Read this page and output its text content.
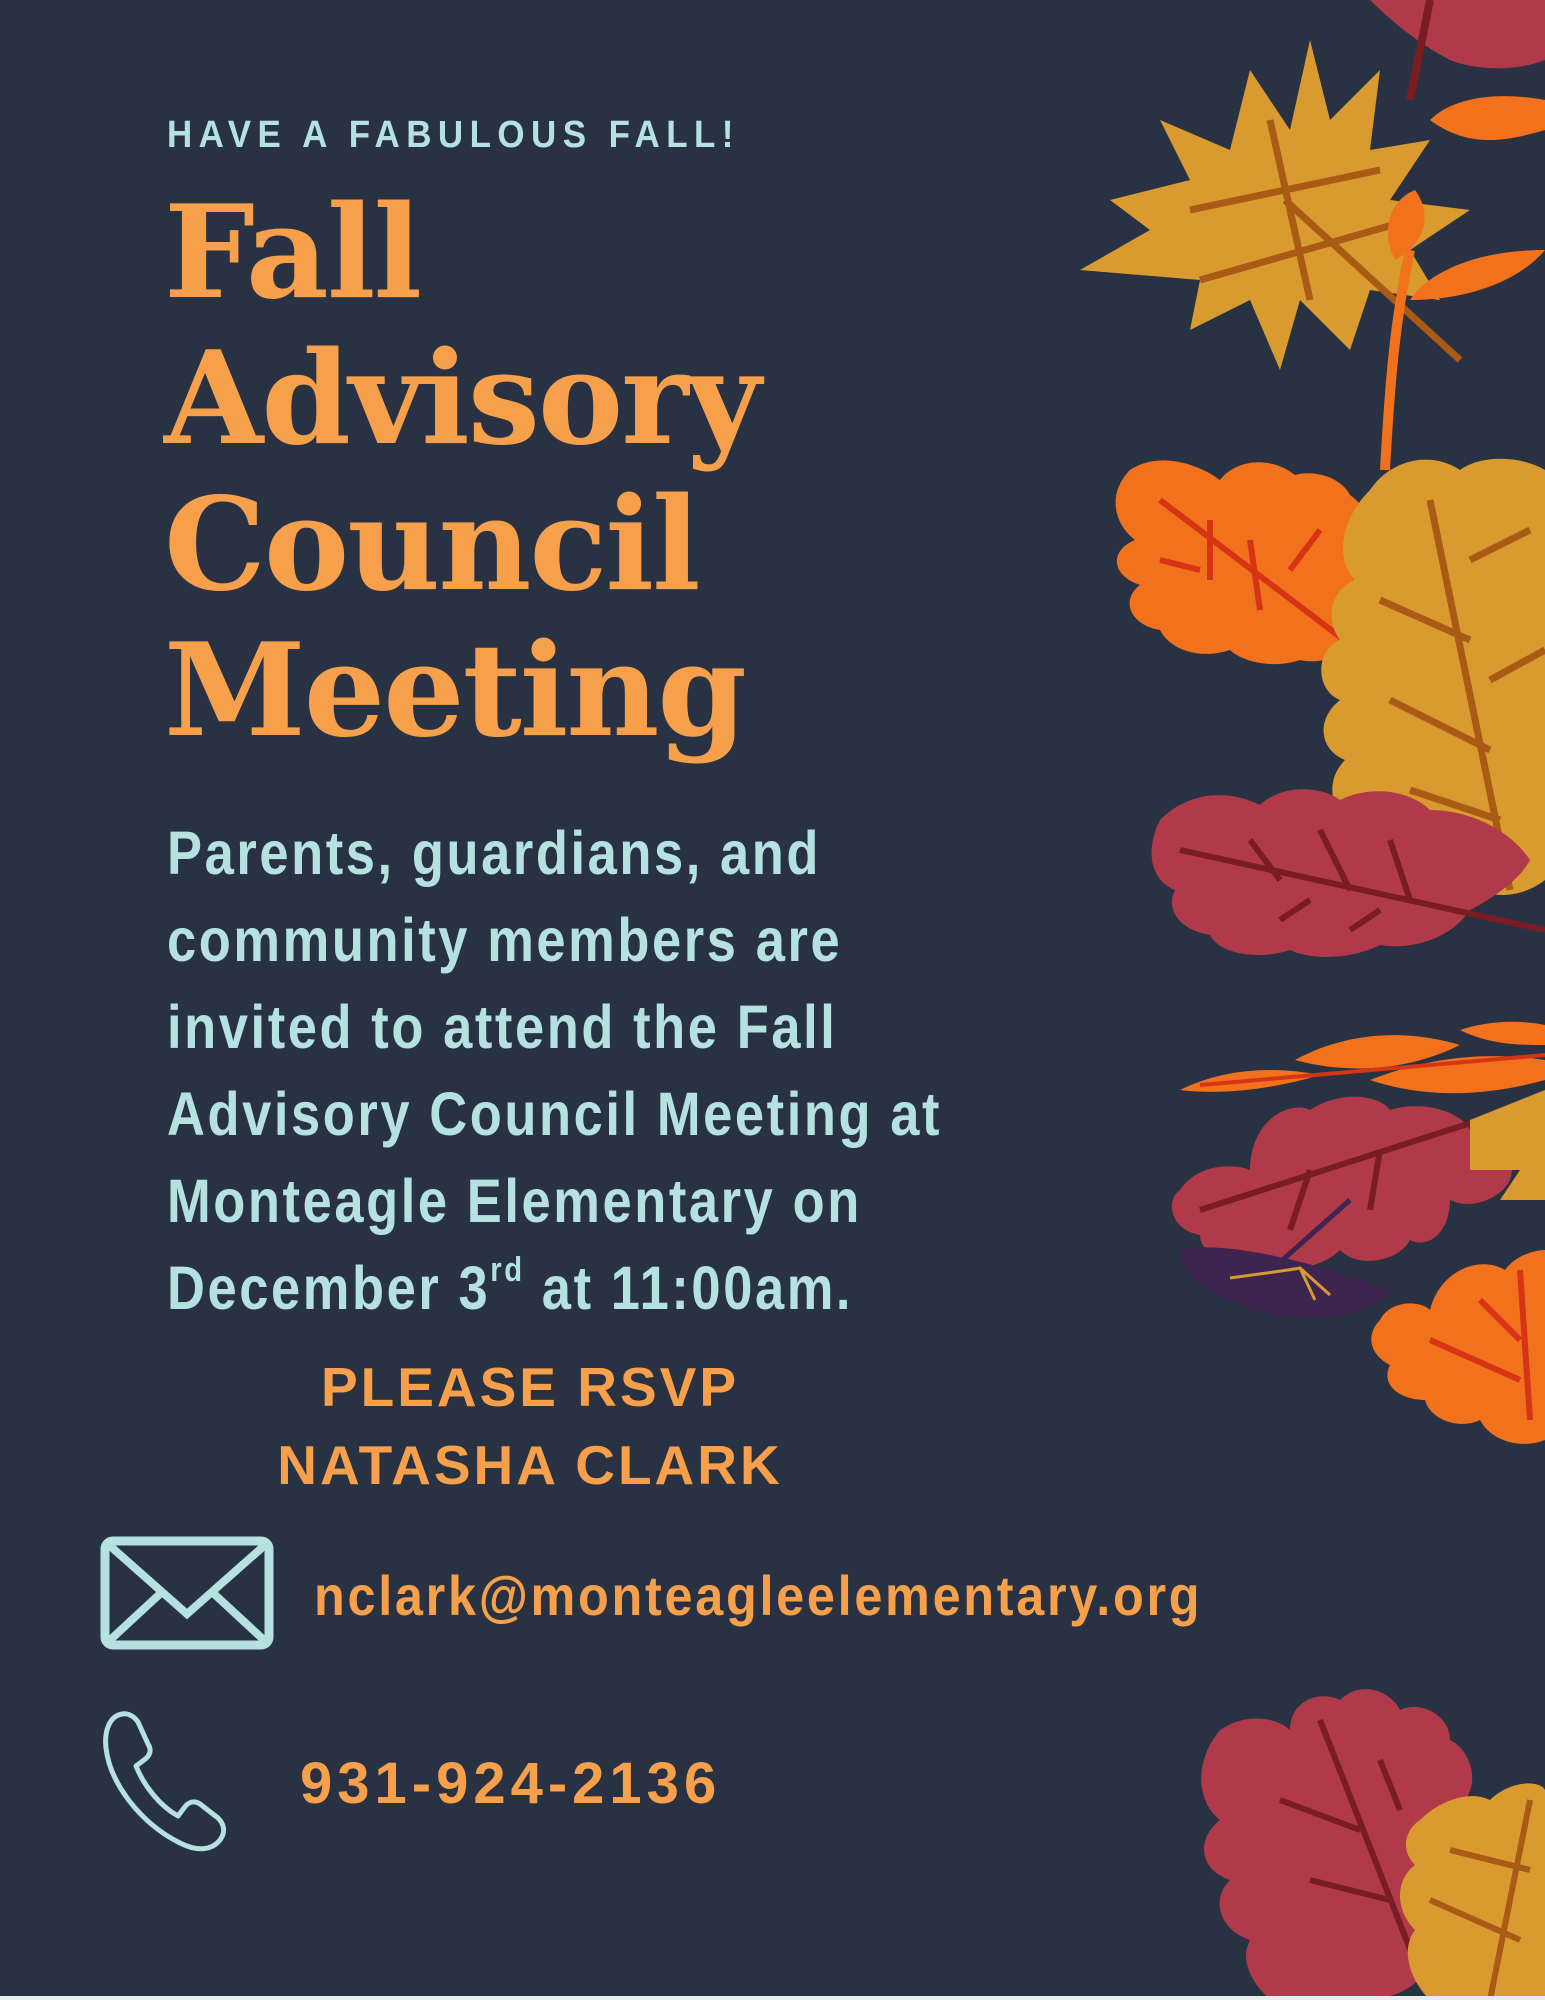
HAVE A FABULOUS FALL!
Fall
Advisory
Council
Meeting
Parents, guardians, and
community members are
invited to attend the Fall
Advisory Council Meeting at
Monteagle Elementary on
December 3rd at 11:00am.
PLEASE RSVP
NATASHA CLARK
nclark@monteagleelementary.org
931-924-2136
